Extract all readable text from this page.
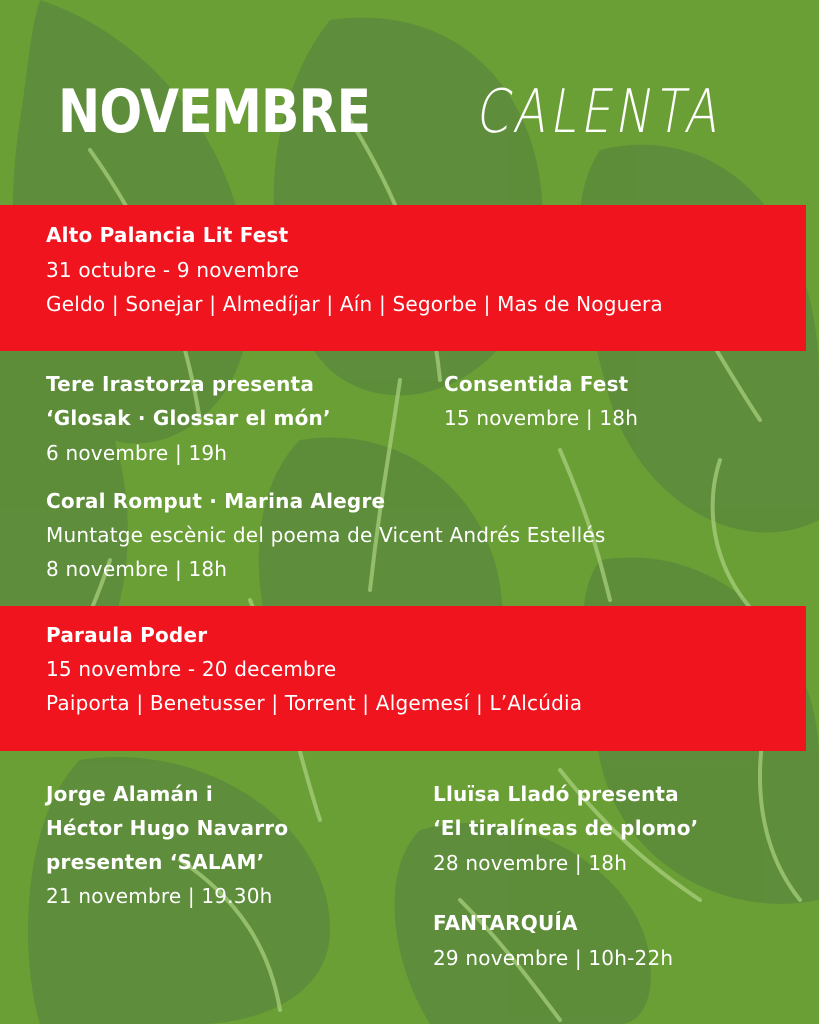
NOVEMBRE CALENTA
Alto Palancia Lit Fest
31 octubre - 9 novembre
Geldo | Sonejar | Almedíjar | Aín | Segorbe | Mas de Noguera
Tere Irastorza presenta
‘Glosak · Glossar el món’
6 novembre | 19h
Consentida Fest
15 novembre | 18h
Coral Romput · Marina Alegre
Muntatge escènic del poema de Vicent Andrés Estellés
8 novembre | 18h
Paraula Poder
15 novembre - 20 decembre
Paiporta | Benetusser | Torrent | Algemesí | L’Alcúdia
Jorge Alamán i
Héctor Hugo Navarro
presenten ‘SALAM’
21 novembre | 19.30h
Lluïsa Lladó presenta
‘El tiralíneas de plomo’
28 novembre | 18h
FANTARQUÍA
29 novembre | 10h-22h
